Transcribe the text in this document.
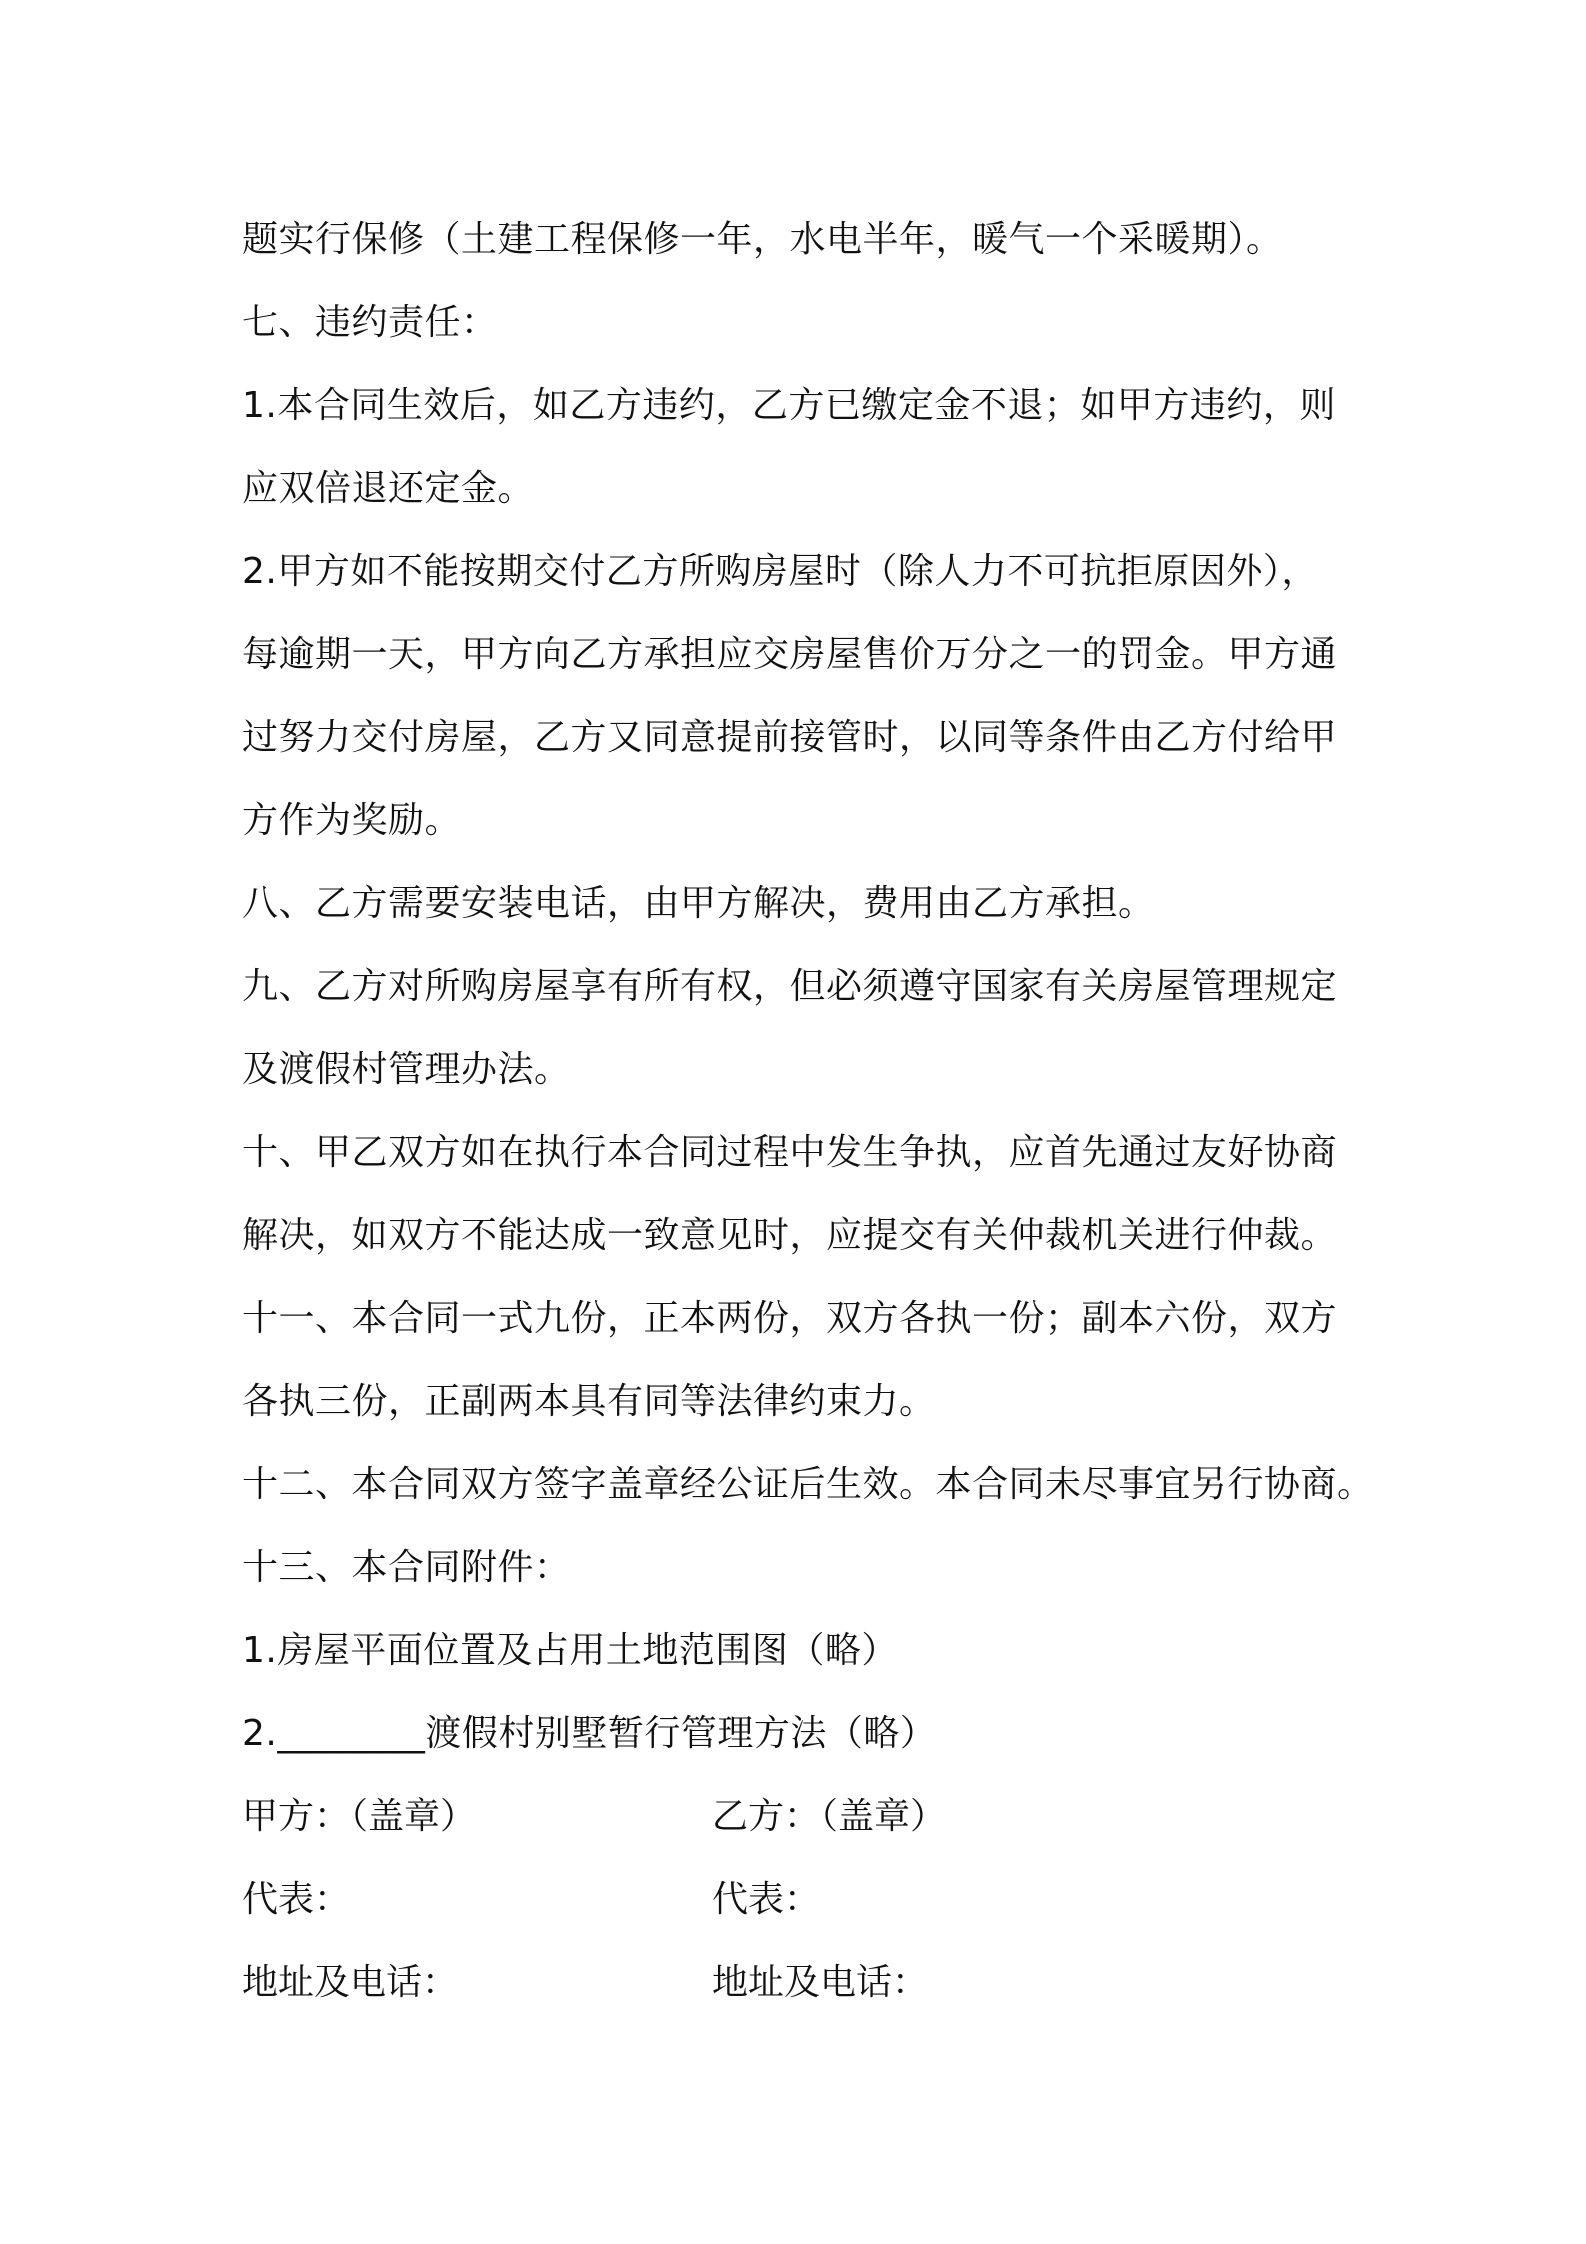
题实行保修（土建工程保修一年，水电半年，暖气一个采暖期）。
七、违约责任：
1.本合同生效后，如乙方违约，乙方已缴定金不退；如甲方违约，则
应双倍退还定金。
2.甲方如不能按期交付乙方所购房屋时（除人力不可抗拒原因外），
每逾期一天，甲方向乙方承担应交房屋售价万分之一的罚金。甲方通
过努力交付房屋，乙方又同意提前接管时，以同等条件由乙方付给甲
方作为奖励。
八、乙方需要安装电话，由甲方解决，费用由乙方承担。
九、乙方对所购房屋享有所有权，但必须遵守国家有关房屋管理规定
及渡假村管理办法。
十、甲乙双方如在执行本合同过程中发生争执，应首先通过友好协商
解决，如双方不能达成一致意见时，应提交有关仲裁机关进行仲裁。
十一、本合同一式九份，正本两份，双方各执一份；副本六份，双方
各执三份，正副两本具有同等法律约束力。
十二、本合同双方签字盖章经公证后生效。本合同未尽事宜另行协商。
十三、本合同附件：
1.房屋平面位置及占用土地范围图（略）
2.________渡假村别墅暂行管理方法（略）
甲方：（盖章）	乙方：（盖章）
代表：	代表：
地址及电话：	地址及电话：
